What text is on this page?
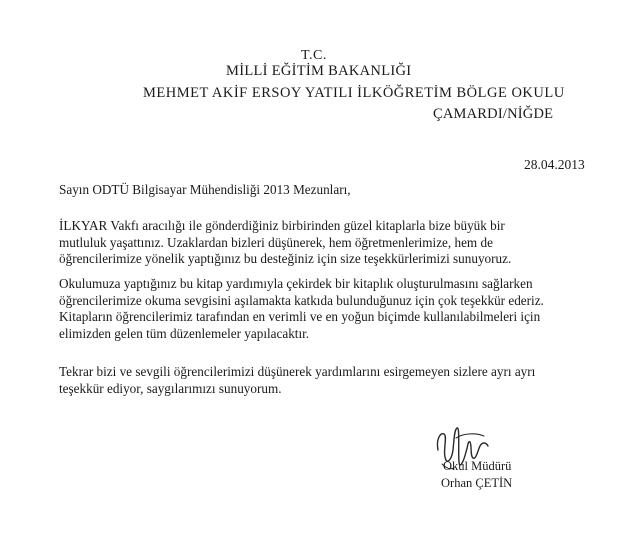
T.C.
MİLLİ EĞİTİM BAKANLIĞI
MEHMET AKİF ERSOY YATILI İLKÖĞRETİM BÖLGE OKULU
ÇAMARDI/NİĞDE
28.04.2013
Sayın ODTÜ Bilgisayar Mühendisliği 2013 Mezunları,
İLKYAR Vakfı aracılığı ile gönderdiğiniz birbirinden güzel kitaplarla bize büyük bir
mutluluk yaşattınız. Uzaklardan bizleri düşünerek, hem öğretmenlerimize, hem de
öğrencilerimize yönelik yaptığınız bu desteğiniz için size teşekkürlerimizi sunuyoruz.
Okulumuza yaptığınız bu kitap yardımıyla çekirdek bir kitaplık oluşturulmasını sağlarken
öğrencilerimize okuma sevgisini aşılamakta katkıda bulunduğunuz için çok teşekkür ederiz.
Kitapların öğrencilerimiz tarafından en verimli ve en yoğun biçimde kullanılabilmeleri için
elimizden gelen tüm düzenlemeler yapılacaktır.
Tekrar bizi ve sevgili öğrencilerimizi düşünerek yardımlarını esirgemeyen sizlere ayrı ayrı
teşekkür ediyor, saygılarımızı sunuyorum.
Okul Müdürü
Orhan ÇETİN
